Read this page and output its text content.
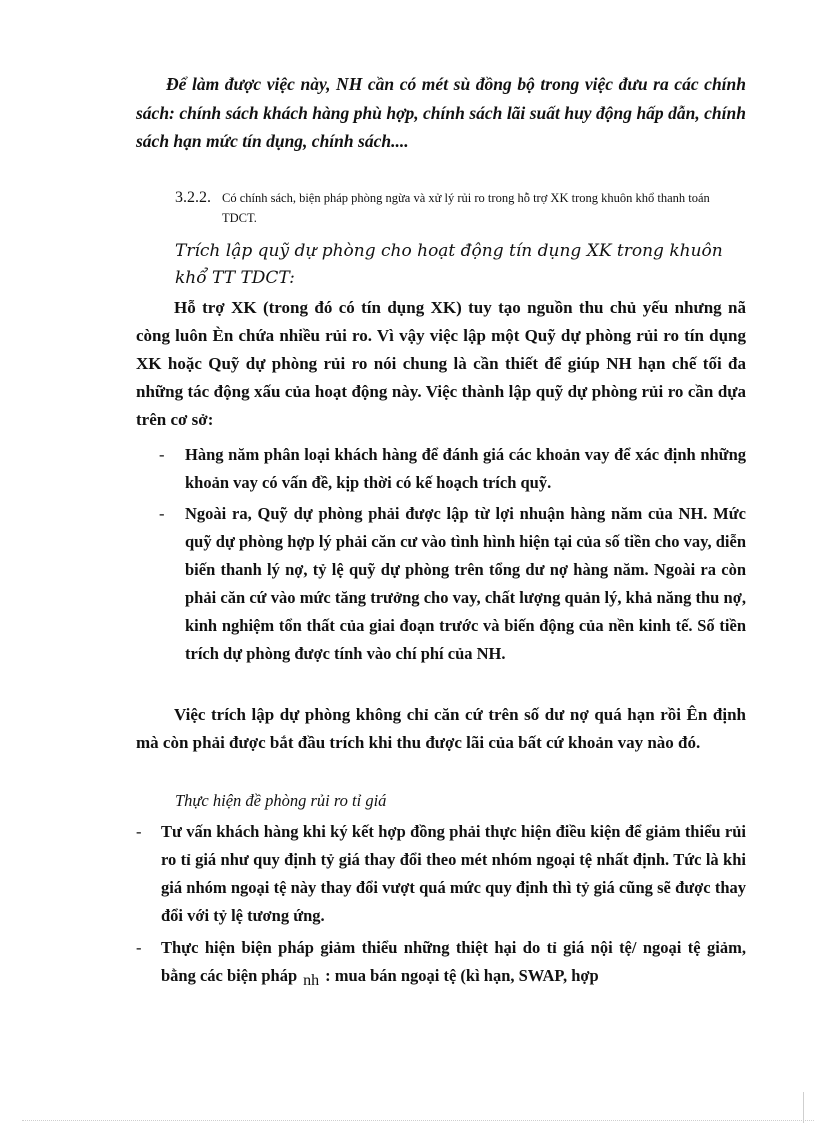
Để làm được việc này, NH cần có mét sù đồng bộ trong việc đưu ra các chính sách: chính sách khách hàng phù hợp, chính sách lãi suất huy động hấp dẫn, chính sách hạn mức tín dụng, chính sách....

3.2.2. Có chính sách, biện pháp phòng ngừa và xử lý rủi ro trong hỗ trợ XK trong khuôn khổ thanh toán TDCT.

Trích lập quỹ dự phòng cho hoạt động tín dụng XK trong khuôn khổ TT TDCT:

Hỗ trợ XK (trong đó có tín dụng XK) tuy tạo nguồn thu chủ yếu nhưng nã còng luôn Èn chứa nhiều rủi ro. Vì vậy việc lập một Quỹ dự phòng rủi ro tín dụng XK hoặc Quỹ dự phòng rủi ro nói chung là cần thiết để giúp NH hạn chế tối đa những tác động xấu của hoạt động này. Việc thành lập quỹ dự phòng rủi ro cần dựa trên cơ sở:

- Hàng năm phân loại khách hàng để đánh giá các khoản vay để xác định những khoản vay có vấn đề, kịp thời có kế hoạch trích quỹ.
- Ngoài ra, Quỹ dự phòng phải được lập từ lợi nhuận hàng năm của NH. Mức quỹ dự phòng hợp lý phải căn cư vào tình hình hiện tại của số tiền cho vay, diễn biến thanh lý nợ, tỷ lệ quỹ dự phòng trên tổng dư nợ hàng năm. Ngoài ra còn phải căn cứ vào mức tăng trưởng cho vay, chất lượng quản lý, khả năng thu nợ, kinh nghiệm tổn thất của giai đoạn trước và biến động của nền kinh tế. Số tiền trích dự phòng được tính vào chí phí của NH.

Việc trích lập dự phòng không chỉ căn cứ trên số dư nợ quá hạn rồi Ên định mà còn phải được bắt đầu trích khi thu được lãi của bất cứ khoản vay nào đó.

Thực hiện đề phòng rủi ro tỉ giá

- Tư vấn khách hàng khi ký kết hợp đồng phải thực hiện điều kiện để giảm thiểu rủi ro tỉ giá như quy định tỷ giá thay đổi theo mét nhóm ngoại tệ nhất định. Tức là khi giá nhóm ngoại tệ này thay đổi vượt quá mức quy định thì tỷ giá cũng sẽ được thay đổi với tỷ lệ tương ứng.
- Thực hiện biện pháp giảm thiểu những thiệt hại do tỉ giá nội tệ/ ngoại tệ giảm, bằng các biện pháp nh : mua bán ngoại tệ (kì hạn, SWAP, hợp
